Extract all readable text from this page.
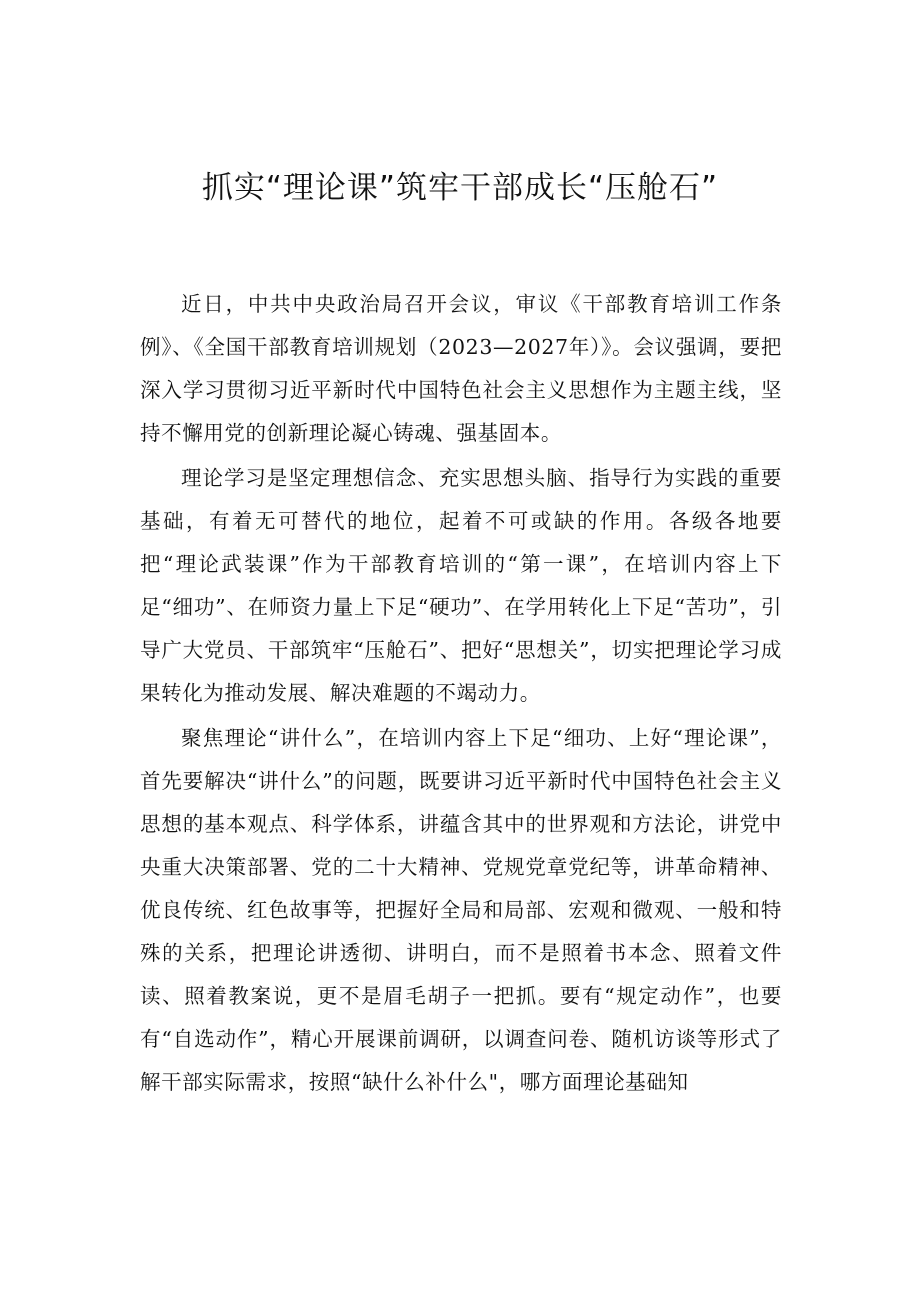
抓实“理论课”筑牢干部成长“压舱石”

近日，中共中央政治局召开会议，审议《干部教育培训工作条例》、《全国干部教育培训规划（2023—2027年）》。会议强调，要把深入学习贯彻习近平新时代中国特色社会主义思想作为主题主线，坚持不懈用党的创新理论凝心铸魂、强基固本。

理论学习是坚定理想信念、充实思想头脑、指导行为实践的重要基础，有着无可替代的地位，起着不可或缺的作用。各级各地要把“理论武装课”作为干部教育培训的“第一课”，在培训内容上下足“细功”、在师资力量上下足“硬功”、在学用转化上下足“苦功”，引导广大党员、干部筑牢“压舱石”、把好“思想关”，切实把理论学习成果转化为推动发展、解决难题的不竭动力。

聚焦理论“讲什么”，在培训内容上下足“细功、上好“理论课”，首先要解决“讲什么”的问题，既要讲习近平新时代中国特色社会主义思想的基本观点、科学体系，讲蕴含其中的世界观和方法论，讲党中央重大决策部署、党的二十大精神、党规党章党纪等，讲革命精神、优良传统、红色故事等，把握好全局和局部、宏观和微观、一般和特殊的关系，把理论讲透彻、讲明白，而不是照着书本念、照着文件读、照着教案说，更不是眉毛胡子一把抓。要有“规定动作”，也要有“自选动作”，精心开展课前调研，以调查问卷、随机访谈等形式了解干部实际需求，按照“缺什么补什么"，哪方面理论基础知
